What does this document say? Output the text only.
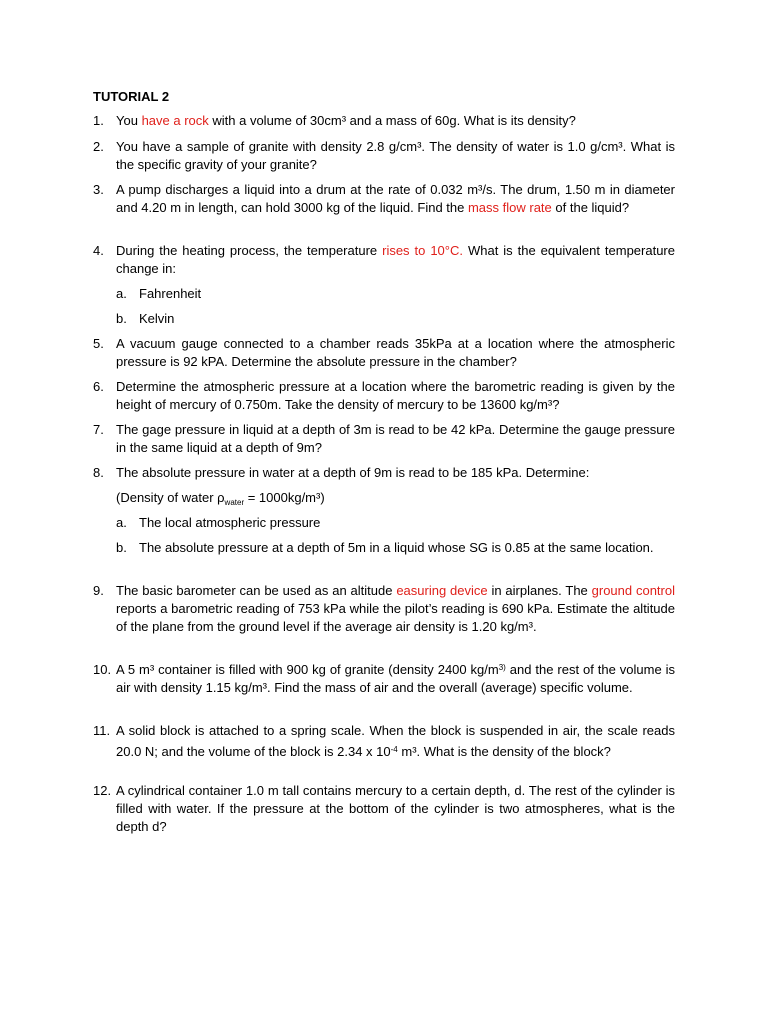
TUTORIAL 2
1. You have a rock with a volume of 30cm³ and a mass of 60g. What is its density?
2. You have a sample of granite with density 2.8 g/cm³. The density of water is 1.0 g/cm³. What is the specific gravity of your granite?
3. A pump discharges a liquid into a drum at the rate of 0.032 m³/s. The drum, 1.50 m in diameter and 4.20 m in length, can hold 3000 kg of the liquid. Find the mass flow rate of the liquid?
4. During the heating process, the temperature rises to 10°C. What is the equivalent temperature change in:
a. Fahrenheit
b. Kelvin
5. A vacuum gauge connected to a chamber reads 35kPa at a location where the atmospheric pressure is 92 kPA. Determine the absolute pressure in the chamber?
6. Determine the atmospheric pressure at a location where the barometric reading is given by the height of mercury of 0.750m. Take the density of mercury to be 13600 kg/m³?
7. The gage pressure in liquid at a depth of 3m is read to be 42 kPa. Determine the gauge pressure in the same liquid at a depth of 9m?
8. The absolute pressure in water at a depth of 9m is read to be 185 kPa. Determine:
(Density of water $\rho_{water} = 1000kg/m^3$)
a. The local atmospheric pressure
b. The absolute pressure at a depth of 5m in a liquid whose SG is 0.85 at the same location.
9. The basic barometer can be used as an altitude easuring device in airplanes. The ground control reports a barometric reading of 753 kPa while the pilot’s reading is 690 kPa. Estimate the altitude of the plane from the ground level if the average air density is 1.20 kg/m³.
10. A 5 m³ container is filled with 900 kg of granite (density 2400 $kg/m^{3)}$ and the rest of the volume is air with density 1.15 kg/m³. Find the mass of air and the overall (average) specific volume.
11. A solid block is attached to a spring scale. When the block is suspended in air, the scale reads 20.0 N; and the volume of the block is 2.34 x $10^{-4}$ m³. What is the density of the block?
12. A cylindrical container 1.0 m tall contains mercury to a certain depth, d. The rest of the cylinder is filled with water. If the pressure at the bottom of the cylinder is two atmospheres, what is the depth d?
